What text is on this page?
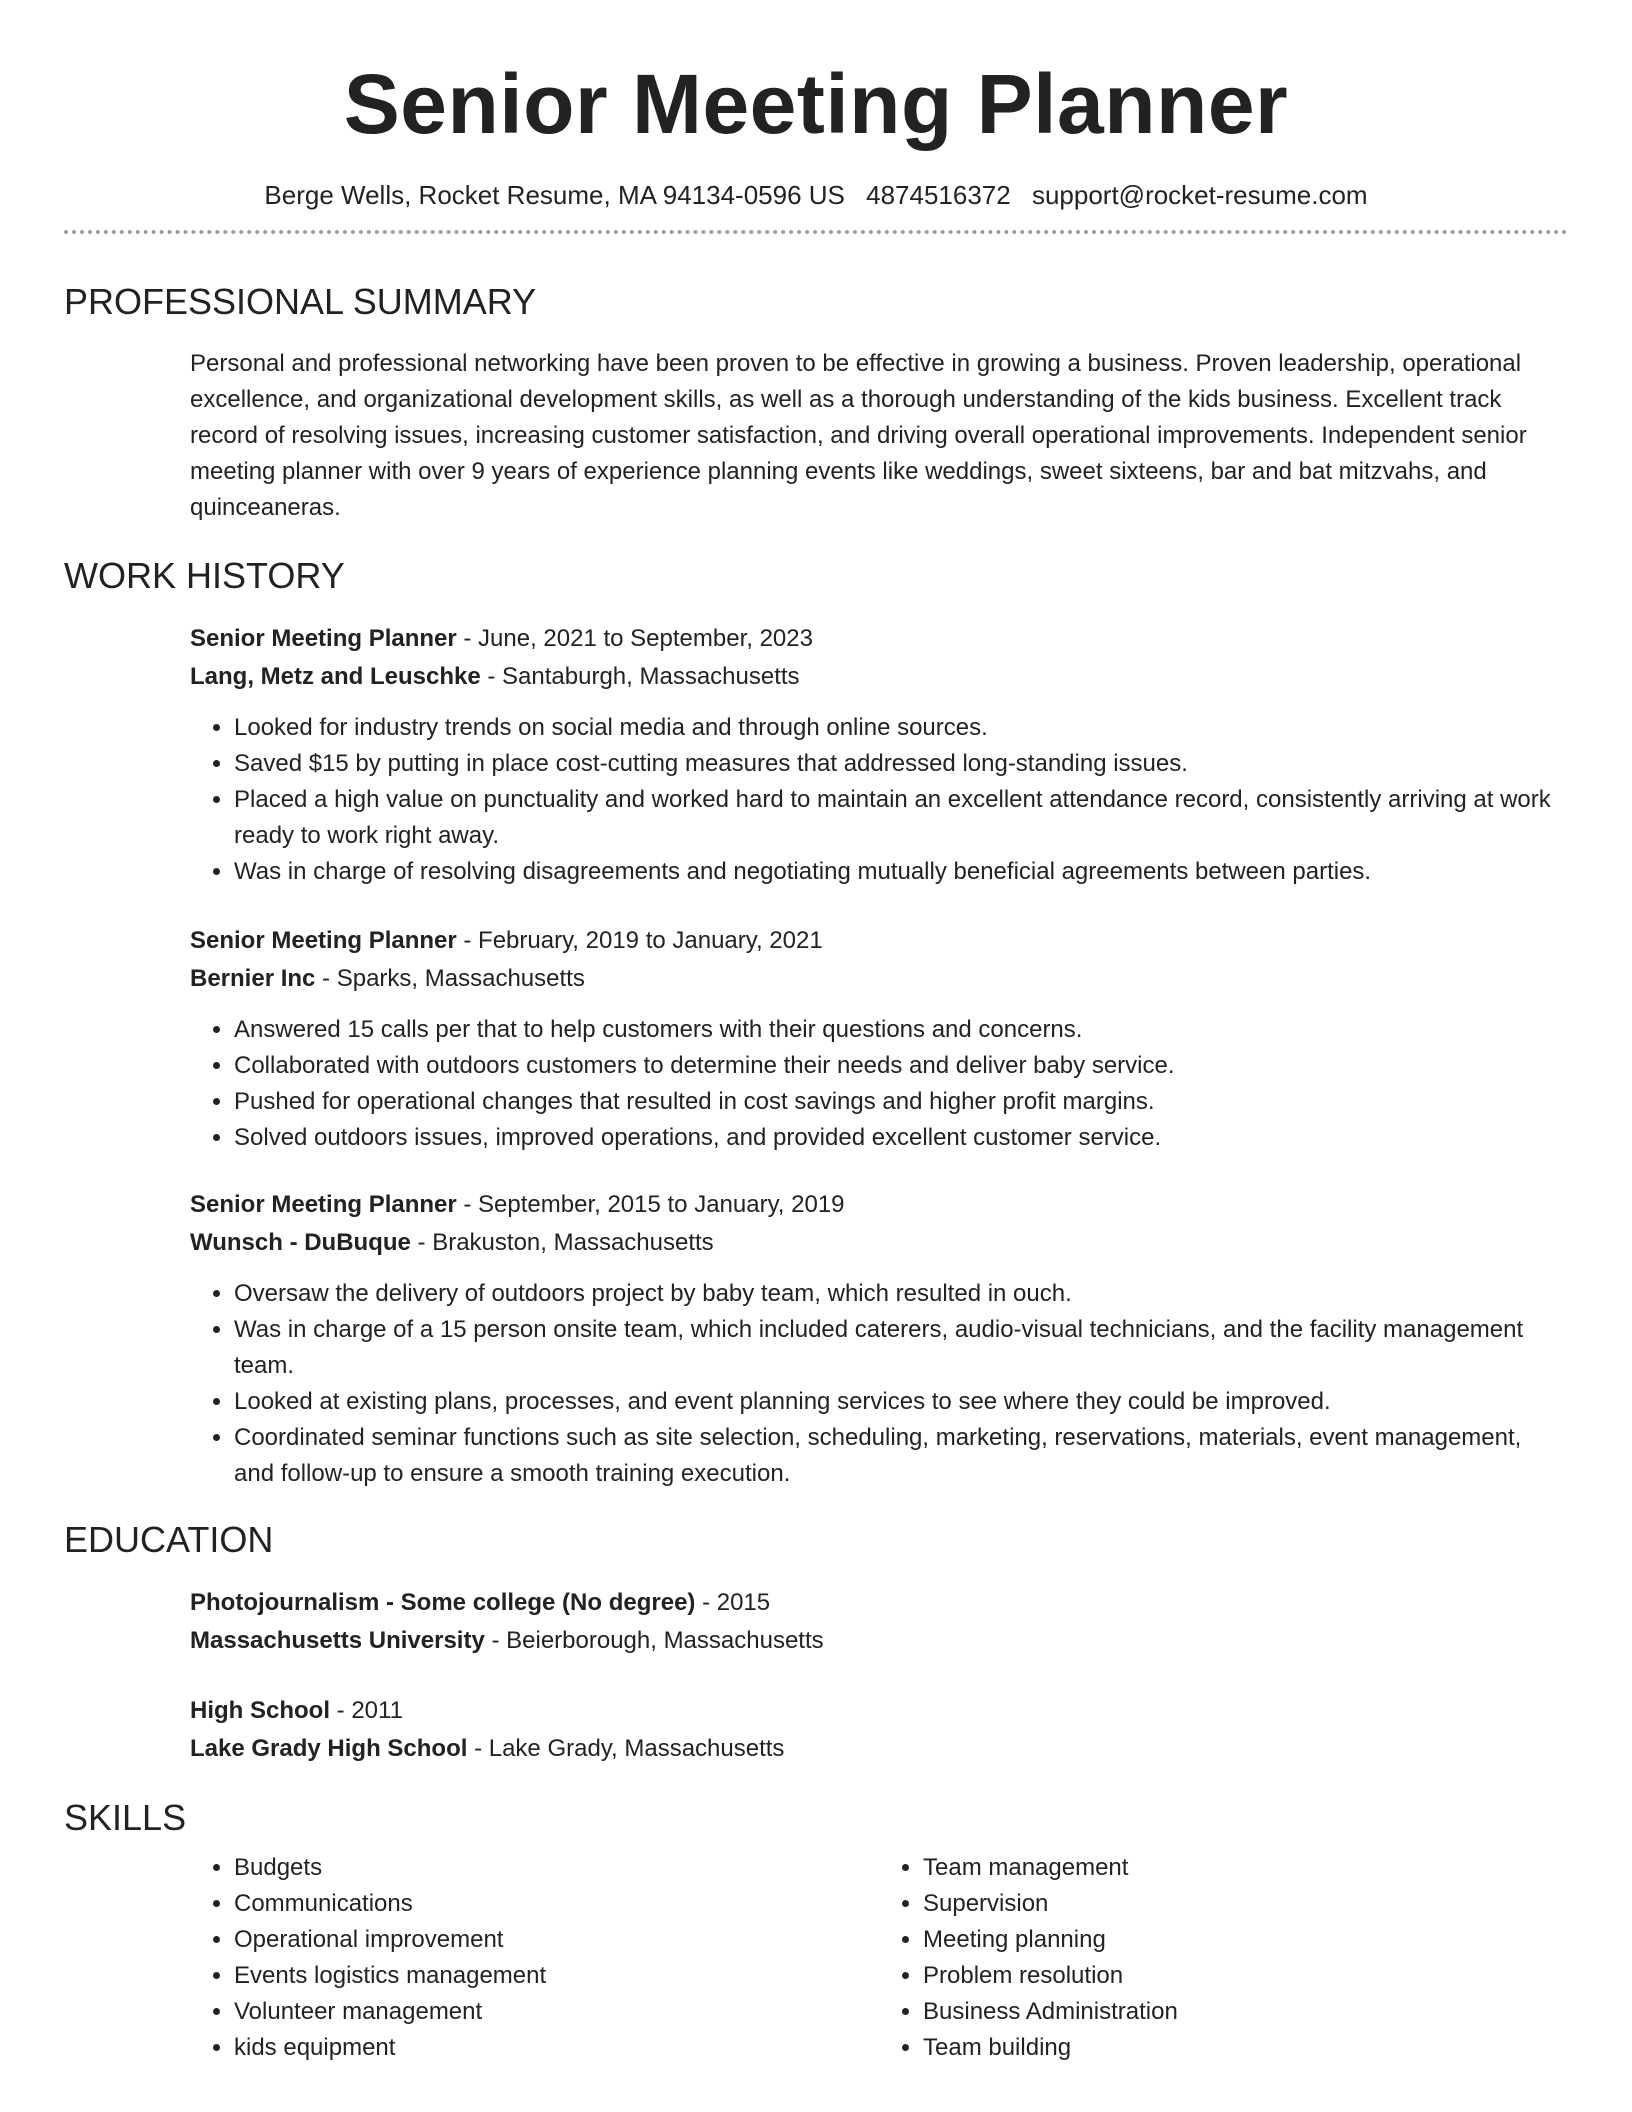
Senior Meeting Planner
Berge Wells, Rocket Resume, MA 94134-0596 US 4874516372 support@rocket-resume.com
PROFESSIONAL SUMMARY
Personal and professional networking have been proven to be effective in growing a business. Proven leadership, operational excellence, and organizational development skills, as well as a thorough understanding of the kids business. Excellent track record of resolving issues, increasing customer satisfaction, and driving overall operational improvements. Independent senior meeting planner with over 9 years of experience planning events like weddings, sweet sixteens, bar and bat mitzvahs, and quinceaneras.
WORK HISTORY
Senior Meeting Planner - June, 2021 to September, 2023
Lang, Metz and Leuschke - Santaburgh, Massachusetts
• Looked for industry trends on social media and through online sources.
• Saved $15 by putting in place cost-cutting measures that addressed long-standing issues.
• Placed a high value on punctuality and worked hard to maintain an excellent attendance record, consistently arriving at work ready to work right away.
• Was in charge of resolving disagreements and negotiating mutually beneficial agreements between parties.
Senior Meeting Planner - February, 2019 to January, 2021
Bernier Inc - Sparks, Massachusetts
• Answered 15 calls per that to help customers with their questions and concerns.
• Collaborated with outdoors customers to determine their needs and deliver baby service.
• Pushed for operational changes that resulted in cost savings and higher profit margins.
• Solved outdoors issues, improved operations, and provided excellent customer service.
Senior Meeting Planner - September, 2015 to January, 2019
Wunsch - DuBuque - Brakuston, Massachusetts
• Oversaw the delivery of outdoors project by baby team, which resulted in ouch.
• Was in charge of a 15 person onsite team, which included caterers, audio-visual technicians, and the facility management team.
• Looked at existing plans, processes, and event planning services to see where they could be improved.
• Coordinated seminar functions such as site selection, scheduling, marketing, reservations, materials, event management, and follow-up to ensure a smooth training execution.
EDUCATION
Photojournalism - Some college (No degree) - 2015
Massachusetts University - Beierborough, Massachusetts
High School - 2011
Lake Grady High School - Lake Grady, Massachusetts
SKILLS
• Budgets
• Communications
• Operational improvement
• Events logistics management
• Volunteer management
• kids equipment
• Team management
• Supervision
• Meeting planning
• Problem resolution
• Business Administration
• Team building
